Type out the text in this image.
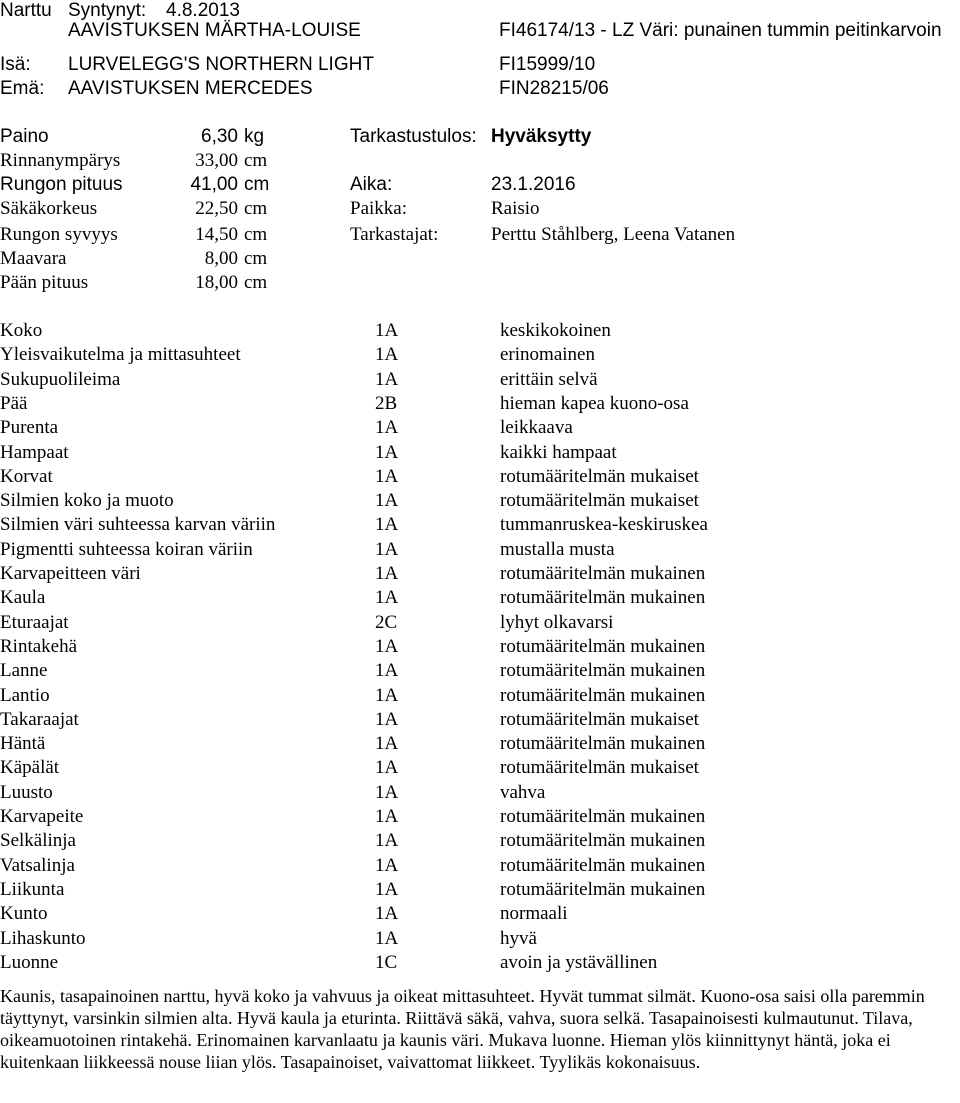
Narttu Syntynyt: 4.8.2013
AAVISTUKSEN MÄRTHA-LOUISE	FI46174/13 - LZ Väri: punainen tummin peitinkarvoin
Isä: LURVELEGG'S NORTHERN LIGHT	FI15999/10
Emä: AAVISTUKSEN MERCEDES	FIN28215/06
Paino	6,30 kg
Rinnanympärys	33,00 cm
Rungon pituus	41,00 cm
Säkäkorkeus	22,50 cm
Rungon syvyys	14,50 cm
Maavara	8,00 cm
Pään pituus	18,00 cm
Tarkastustulos: Hyväksytty
Aika:	23.1.2016
Paikka:	Raisio
Tarkastajat:	Perttu Ståhlberg, Leena Vatanen
Koko	1A	keskikokoinen
Yleisvaikutelma ja mittasuhteet	1A	erinomainen
Sukupuolileima	1A	erittäin selvä
Pää	2B	hieman kapea kuono-osa
Purenta	1A	leikkaava
Hampaat	1A	kaikki hampaat
Korvat	1A	rotumääritelmän mukaiset
Silmien koko ja muoto	1A	rotumääritelmän mukaiset
Silmien väri suhteessa karvan väriin	1A	tummanruskea-keskiruskea
Pigmentti suhteessa koiran väriin	1A	mustalla musta
Karvapeitteen väri	1A	rotumääritelmän mukainen
Kaula	1A	rotumääritelmän mukainen
Eturaajat	2C	lyhyt olkavarsi
Rintakehä	1A	rotumääritelmän mukainen
Lanne	1A	rotumääritelmän mukainen
Lantio	1A	rotumääritelmän mukainen
Takaraajat	1A	rotumääritelmän mukaiset
Häntä	1A	rotumääritelmän mukainen
Käpälät	1A	rotumääritelmän mukaiset
Luusto	1A	vahva
Karvapeite	1A	rotumääritelmän mukainen
Selkälinja	1A	rotumääritelmän mukainen
Vatsalinja	1A	rotumääritelmän mukainen
Liikunta	1A	rotumääritelmän mukainen
Kunto	1A	normaali
Lihaskunto	1A	hyvä
Luonne	1C	avoin ja ystävällinen
Kaunis, tasapainoinen narttu, hyvä koko ja vahvuus ja oikeat mittasuhteet. Hyvät tummat silmät. Kuono-osa saisi olla paremmin täyttynyt, varsinkin silmien alta. Hyvä kaula ja eturinta. Riittävä säkä, vahva, suora selkä. Tasapainoisesti kulmautunut. Tilava, oikeamuotoinen rintakehä. Erinomainen karvanlaatu ja kaunis väri. Mukava luonne. Hieman ylös kiinnittynyt häntä, joka ei kuitenkaan liikkeessä nouse liian ylös. Tasapainoiset, vaivattomat liikkeet. Tyylikäs kokonaisuus.
